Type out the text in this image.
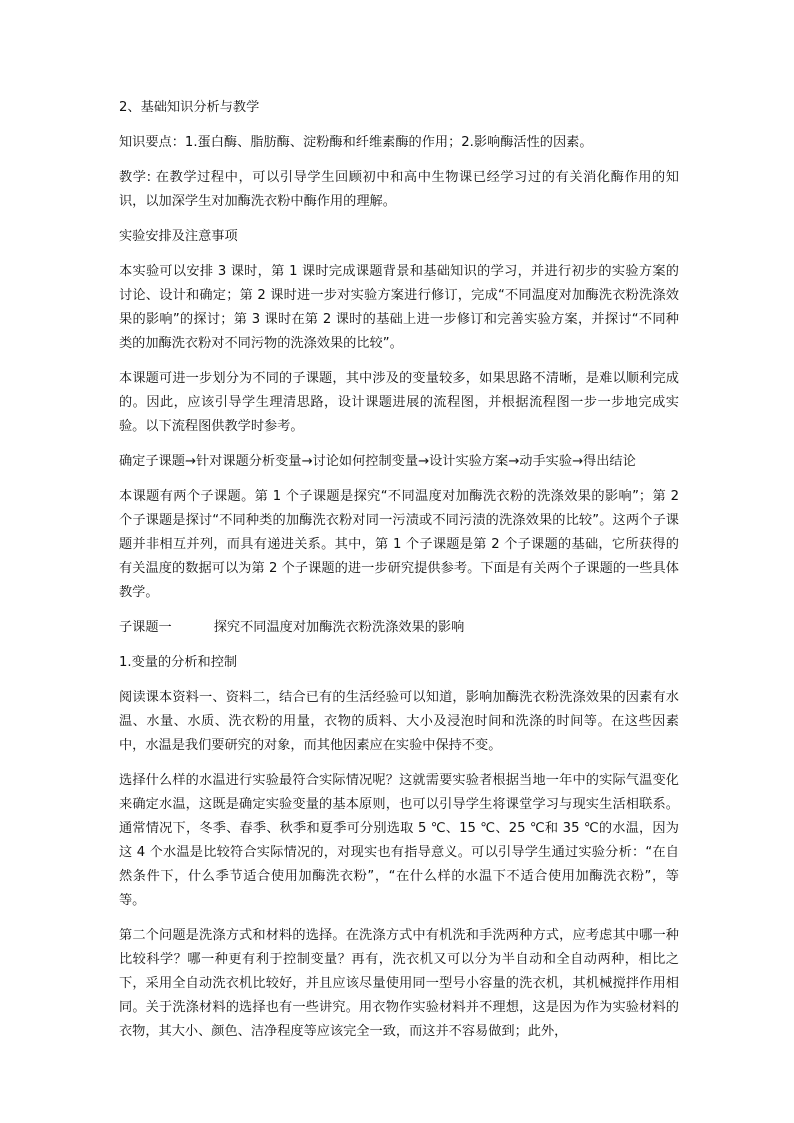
2、基础知识分析与教学

知识要点：1.蛋白酶、脂肪酶、淀粉酶和纤维素酶的作用；2.影响酶活性的因素。

教学: 在教学过程中，可以引导学生回顾初中和高中生物课已经学习过的有关消化酶作用的知识，以加深学生对加酶洗衣粉中酶作用的理解。

实验安排及注意事项

本实验可以安排 3 课时，第 1 课时完成课题背景和基础知识的学习，并进行初步的实验方案的讨论、设计和确定；第 2 课时进一步对实验方案进行修订，完成“不同温度对加酶洗衣粉洗涤效果的影响”的探讨；第 3 课时在第 2 课时的基础上进一步修订和完善实验方案，并探讨“不同种类的加酶洗衣粉对不同污物的洗涤效果的比较”。

本课题可进一步划分为不同的子课题，其中涉及的变量较多，如果思路不清晰，是难以顺利完成的。因此，应该引导学生理清思路，设计课题进展的流程图，并根据流程图一步一步地完成实验。以下流程图供教学时参考。

确定子课题→针对课题分析变量→讨论如何控制变量→设计实验方案→动手实验→得出结论

本课题有两个子课题。第 1 个子课题是探究“不同温度对加酶洗衣粉的洗涤效果的影响”；第 2 个子课题是探讨“不同种类的加酶洗衣粉对同一污渍或不同污渍的洗涤效果的比较”。这两个子课题并非相互并列，而具有递进关系。其中，第 1 个子课题是第 2 个子课题的基础，它所获得的有关温度的数据可以为第 2 个子课题的进一步研究提供参考。下面是有关两个子课题的一些具体教学。

子课题一	探究不同温度对加酶洗衣粉洗涤效果的影响

1.变量的分析和控制

阅读课本资料一、资料二，结合已有的生活经验可以知道，影响加酶洗衣粉洗涤效果的因素有水温、水量、水质、洗衣粉的用量，衣物的质料、大小及浸泡时间和洗涤的时间等。在这些因素中，水温是我们要研究的对象，而其他因素应在实验中保持不变。

选择什么样的水温进行实验最符合实际情况呢？这就需要实验者根据当地一年中的实际气温变化来确定水温，这既是确定实验变量的基本原则，也可以引导学生将课堂学习与现实生活相联系。通常情况下，冬季、春季、秋季和夏季可分别选取 5 ℃、15 ℃、25 ℃和 35 ℃的水温，因为这 4 个水温是比较符合实际情况的，对现实也有指导意义。可以引导学生通过实验分析：“在自然条件下，什么季节适合使用加酶洗衣粉”，“在什么样的水温下不适合使用加酶洗衣粉”，等等。

第二个问题是洗涤方式和材料的选择。在洗涤方式中有机洗和手洗两种方式，应考虑其中哪一种比较科学？哪一种更有利于控制变量？再有，洗衣机又可以分为半自动和全自动两种，相比之下，采用全自动洗衣机比较好，并且应该尽量使用同一型号小容量的洗衣机，其机械搅拌作用相同。关于洗涤材料的选择也有一些讲究。用衣物作实验材料并不理想，这是因为作为实验材料的衣物，其大小、颜色、洁净程度等应该完全一致，而这并不容易做到；此外，
